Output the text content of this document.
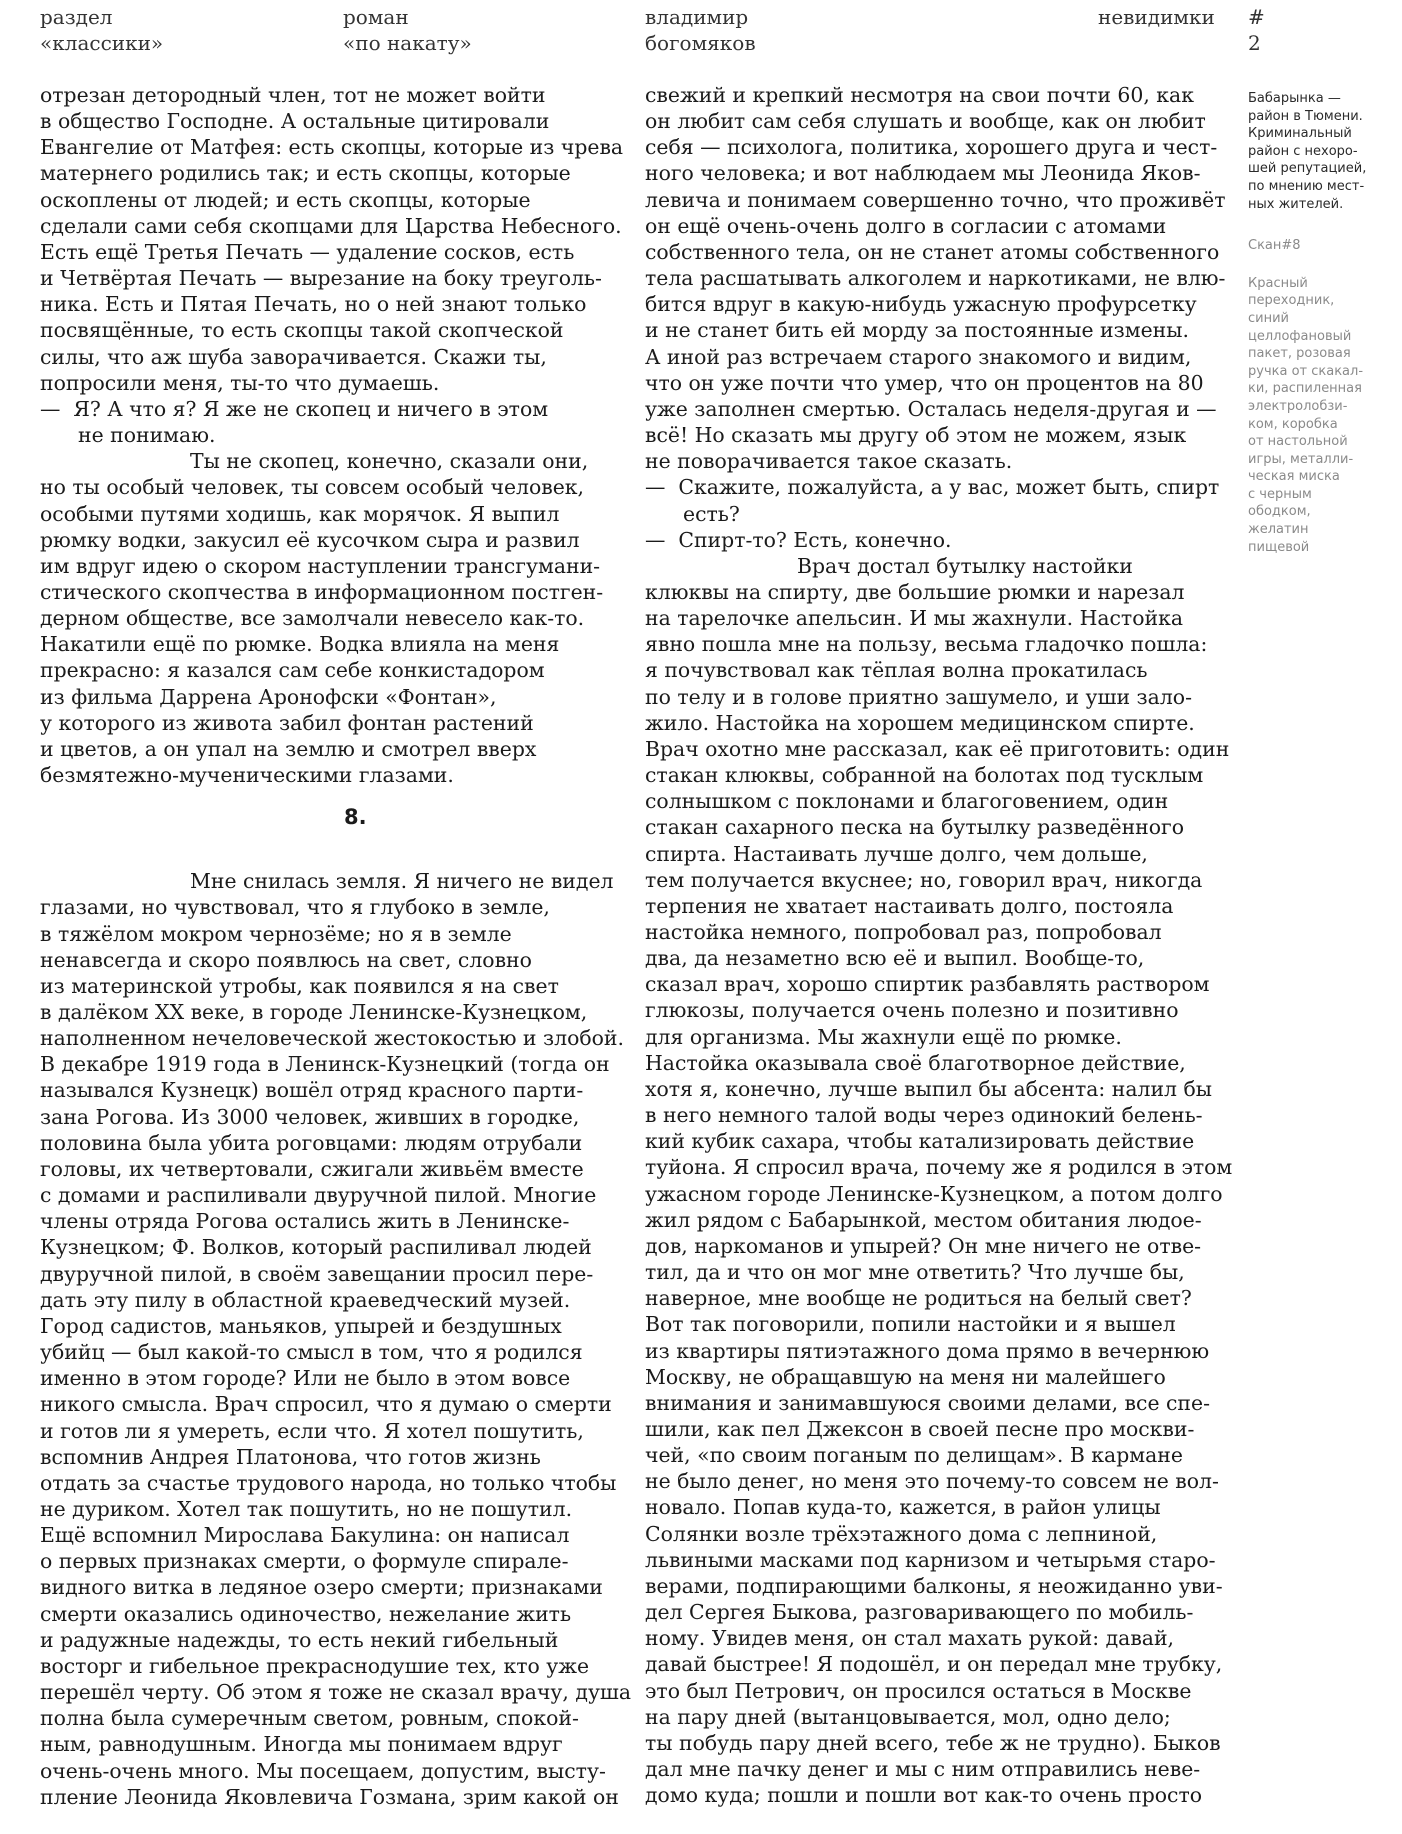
раздел
«классики»
роман
«по накату»
владимир
богомяков
невидимки #
2
отрезан детородный член, тот не может войти
в общество Господне. А остальные цитировали
Евангелие от Матфея: есть скопцы, которые из чрева
матернего родились так; и есть скопцы, которые
оскоплены от людей; и есть скопцы, которые
сделали сами себя скопцами для Царства Небесного.
Есть ещё Третья Печать — удаление сосков, есть
и Четвёртая Печать — вырезание на боку треуголь-
ника. Есть и Пятая Печать, но о ней знают только
посвящённые, то есть скопцы такой скопческой
силы, что аж шуба заворачивается. Скажи ты,
попросили меня, ты-то что думаешь.
—  Я? А что я? Я же не скопец и ничего в этом
не понимаю.
Ты не скопец, конечно, сказали они,
но ты особый человек, ты совсем особый человек,
особыми путями ходишь, как морячок. Я выпил
рюмку водки, закусил её кусочком сыра и развил
им вдруг идею о скором наступлении трансгумани-
стического скопчества в информационном постген-
дерном обществе, все замолчали невесело как-то.
Накатили ещё по рюмке. Водка влияла на меня
прекрасно: я казался сам себе конкистадором
из фильма Даррена Аронофски «Фонтан»,
у которого из живота забил фонтан растений
и цветов, а он упал на землю и смотрел вверх
безмятежно-мученическими глазами.
8.
Мне снилась земля. Я ничего не видел
глазами, но чувствовал, что я глубоко в земле,
в тяжёлом мокром чернозёме; но я в земле
ненавсегда и скоро появлюсь на свет, словно
из материнской утробы, как появился я на свет
в далёком XX веке, в городе Ленинске-Кузнецком,
наполненном нечеловеческой жестокостью и злобой.
В декабре 1919 года в Ленинск-Кузнецкий (тогда он
назывался Кузнецк) вошёл отряд красного парти-
зана Рогова. Из 3000 человек, живших в городке,
половина была убита роговцами: людям отрубали
головы, их четвертовали, сжигали живьём вместе
с домами и распиливали двуручной пилой. Многие
члены отряда Рогова остались жить в Ленинске-
Кузнецком; Ф. Волков, который распиливал людей
двуручной пилой, в своём завещании просил пере-
дать эту пилу в областной краеведческий музей.
Город садистов, маньяков, упырей и бездушных
убийц — был какой-то смысл в том, что я родился
именно в этом городе? Или не было в этом вовсе
никого смысла. Врач спросил, что я думаю о смерти
и готов ли я умереть, если что. Я хотел пошутить,
вспомнив Андрея Платонова, что готов жизнь
отдать за счастье трудового народа, но только чтобы
не дуриком. Хотел так пошутить, но не пошутил.
Ещё вспомнил Мирослава Бакулина: он написал
о первых признаках смерти, о формуле спирале-
видного витка в ледяное озеро смерти; признаками
смерти оказались одиночество, нежелание жить
и радужные надежды, то есть некий гибельный
восторг и гибельное прекраснодушие тех, кто уже
перешёл черту. Об этом я тоже не сказал врачу, душа
полна была сумеречным светом, ровным, спокой-
ным, равнодушным. Иногда мы понимаем вдруг
очень-очень много. Мы посещаем, допустим, высту-
пление Леонида Яковлевича Гозмана, зрим какой он
свежий и крепкий несмотря на свои почти 60, как
он любит сам себя слушать и вообще, как он любит
себя — психолога, политика, хорошего друга и чест-
ного человека; и вот наблюдаем мы Леонида Яков-
левича и понимаем совершенно точно, что проживёт
он ещё очень-очень долго в согласии с атомами
собственного тела, он не станет атомы собственного
тела расшатывать алкоголем и наркотиками, не влю-
бится вдруг в какую-нибудь ужасную профурсетку
и не станет бить ей морду за постоянные измены.
А иной раз встречаем старого знакомого и видим,
что он уже почти что умер, что он процентов на 80
уже заполнен смертью. Осталась неделя-другая и —
всё! Но сказать мы другу об этом не можем, язык
не поворачивается такое сказать.
—  Скажите, пожалуйста, а у вас, может быть, спирт
есть?
—  Спирт-то? Есть, конечно.
Врач достал бутылку настойки
клюквы на спирту, две большие рюмки и нарезал
на тарелочке апельсин. И мы жахнули. Настойка
явно пошла мне на пользу, весьма гладочко пошла:
я почувствовал как тёплая волна прокатилась
по телу и в голове приятно зашумело, и уши зало-
жило. Настойка на хорошем медицинском спирте.
Врач охотно мне рассказал, как её приготовить: один
стакан клюквы, собранной на болотах под тусклым
солнышком с поклонами и благоговением, один
стакан сахарного песка на бутылку разведённого
спирта. Настаивать лучше долго, чем дольше,
тем получается вкуснее; но, говорил врач, никогда
терпения не хватает настаивать долго, постояла
настойка немного, попробовал раз, попробовал
два, да незаметно всю её и выпил. Вообще-то,
сказал врач, хорошо спиртик разбавлять раствором
глюкозы, получается очень полезно и позитивно
для организма. Мы жахнули ещё по рюмке.
Настойка оказывала своё благотворное действие,
хотя я, конечно, лучше выпил бы абсента: налил бы
в него немного талой воды через одинокий белень-
кий кубик сахара, чтобы катализировать действие
туйона. Я спросил врача, почему же я родился в этом
ужасном городе Ленинске-Кузнецком, а потом долго
жил рядом с Бабарынкой, местом обитания людое-
дов, наркоманов и упырей? Он мне ничего не отве-
тил, да и что он мог мне ответить? Что лучше бы,
наверное, мне вообще не родиться на белый свет?
Вот так поговорили, попили настойки и я вышел
из квартиры пятиэтажного дома прямо в вечернюю
Москву, не обращавшую на меня ни малейшего
внимания и занимавшуюся своими делами, все спе-
шили, как пел Джексон в своей песне про москви-
чей, «по своим поганым по делищам». В кармане
не было денег, но меня это почему-то совсем не вол-
новало. Попав куда-то, кажется, в район улицы
Солянки возле трёхэтажного дома с лепниной,
львиными масками под карнизом и четырьмя старо-
верами, подпирающими балконы, я неожиданно уви-
дел Сергея Быкова, разговаривающего по мобиль-
ному. Увидев меня, он стал махать рукой: давай,
давай быстрее! Я подошёл, и он передал мне трубку,
это был Петрович, он просился остаться в Москве
на пару дней (вытанцовывается, мол, одно дело;
ты побудь пару дней всего, тебе ж не трудно). Быков
дал мне пачку денег и мы с ним отправились неве-
домо куда; пошли и пошли вот как-то очень просто
Бабарынка —
район в Тюмени.
Криминальный
район с нехоро-
шей репутацией,
по мнению мест-
ных жителей.
Скан#8
Красный
переходник,
синий
целлофановый
пакет, розовая
ручка от скакал-
ки, распиленная
электролобзи-
ком, коробка
от настольной
игры, металли-
ческая миска
с черным
ободком,
желатин
пищевой
